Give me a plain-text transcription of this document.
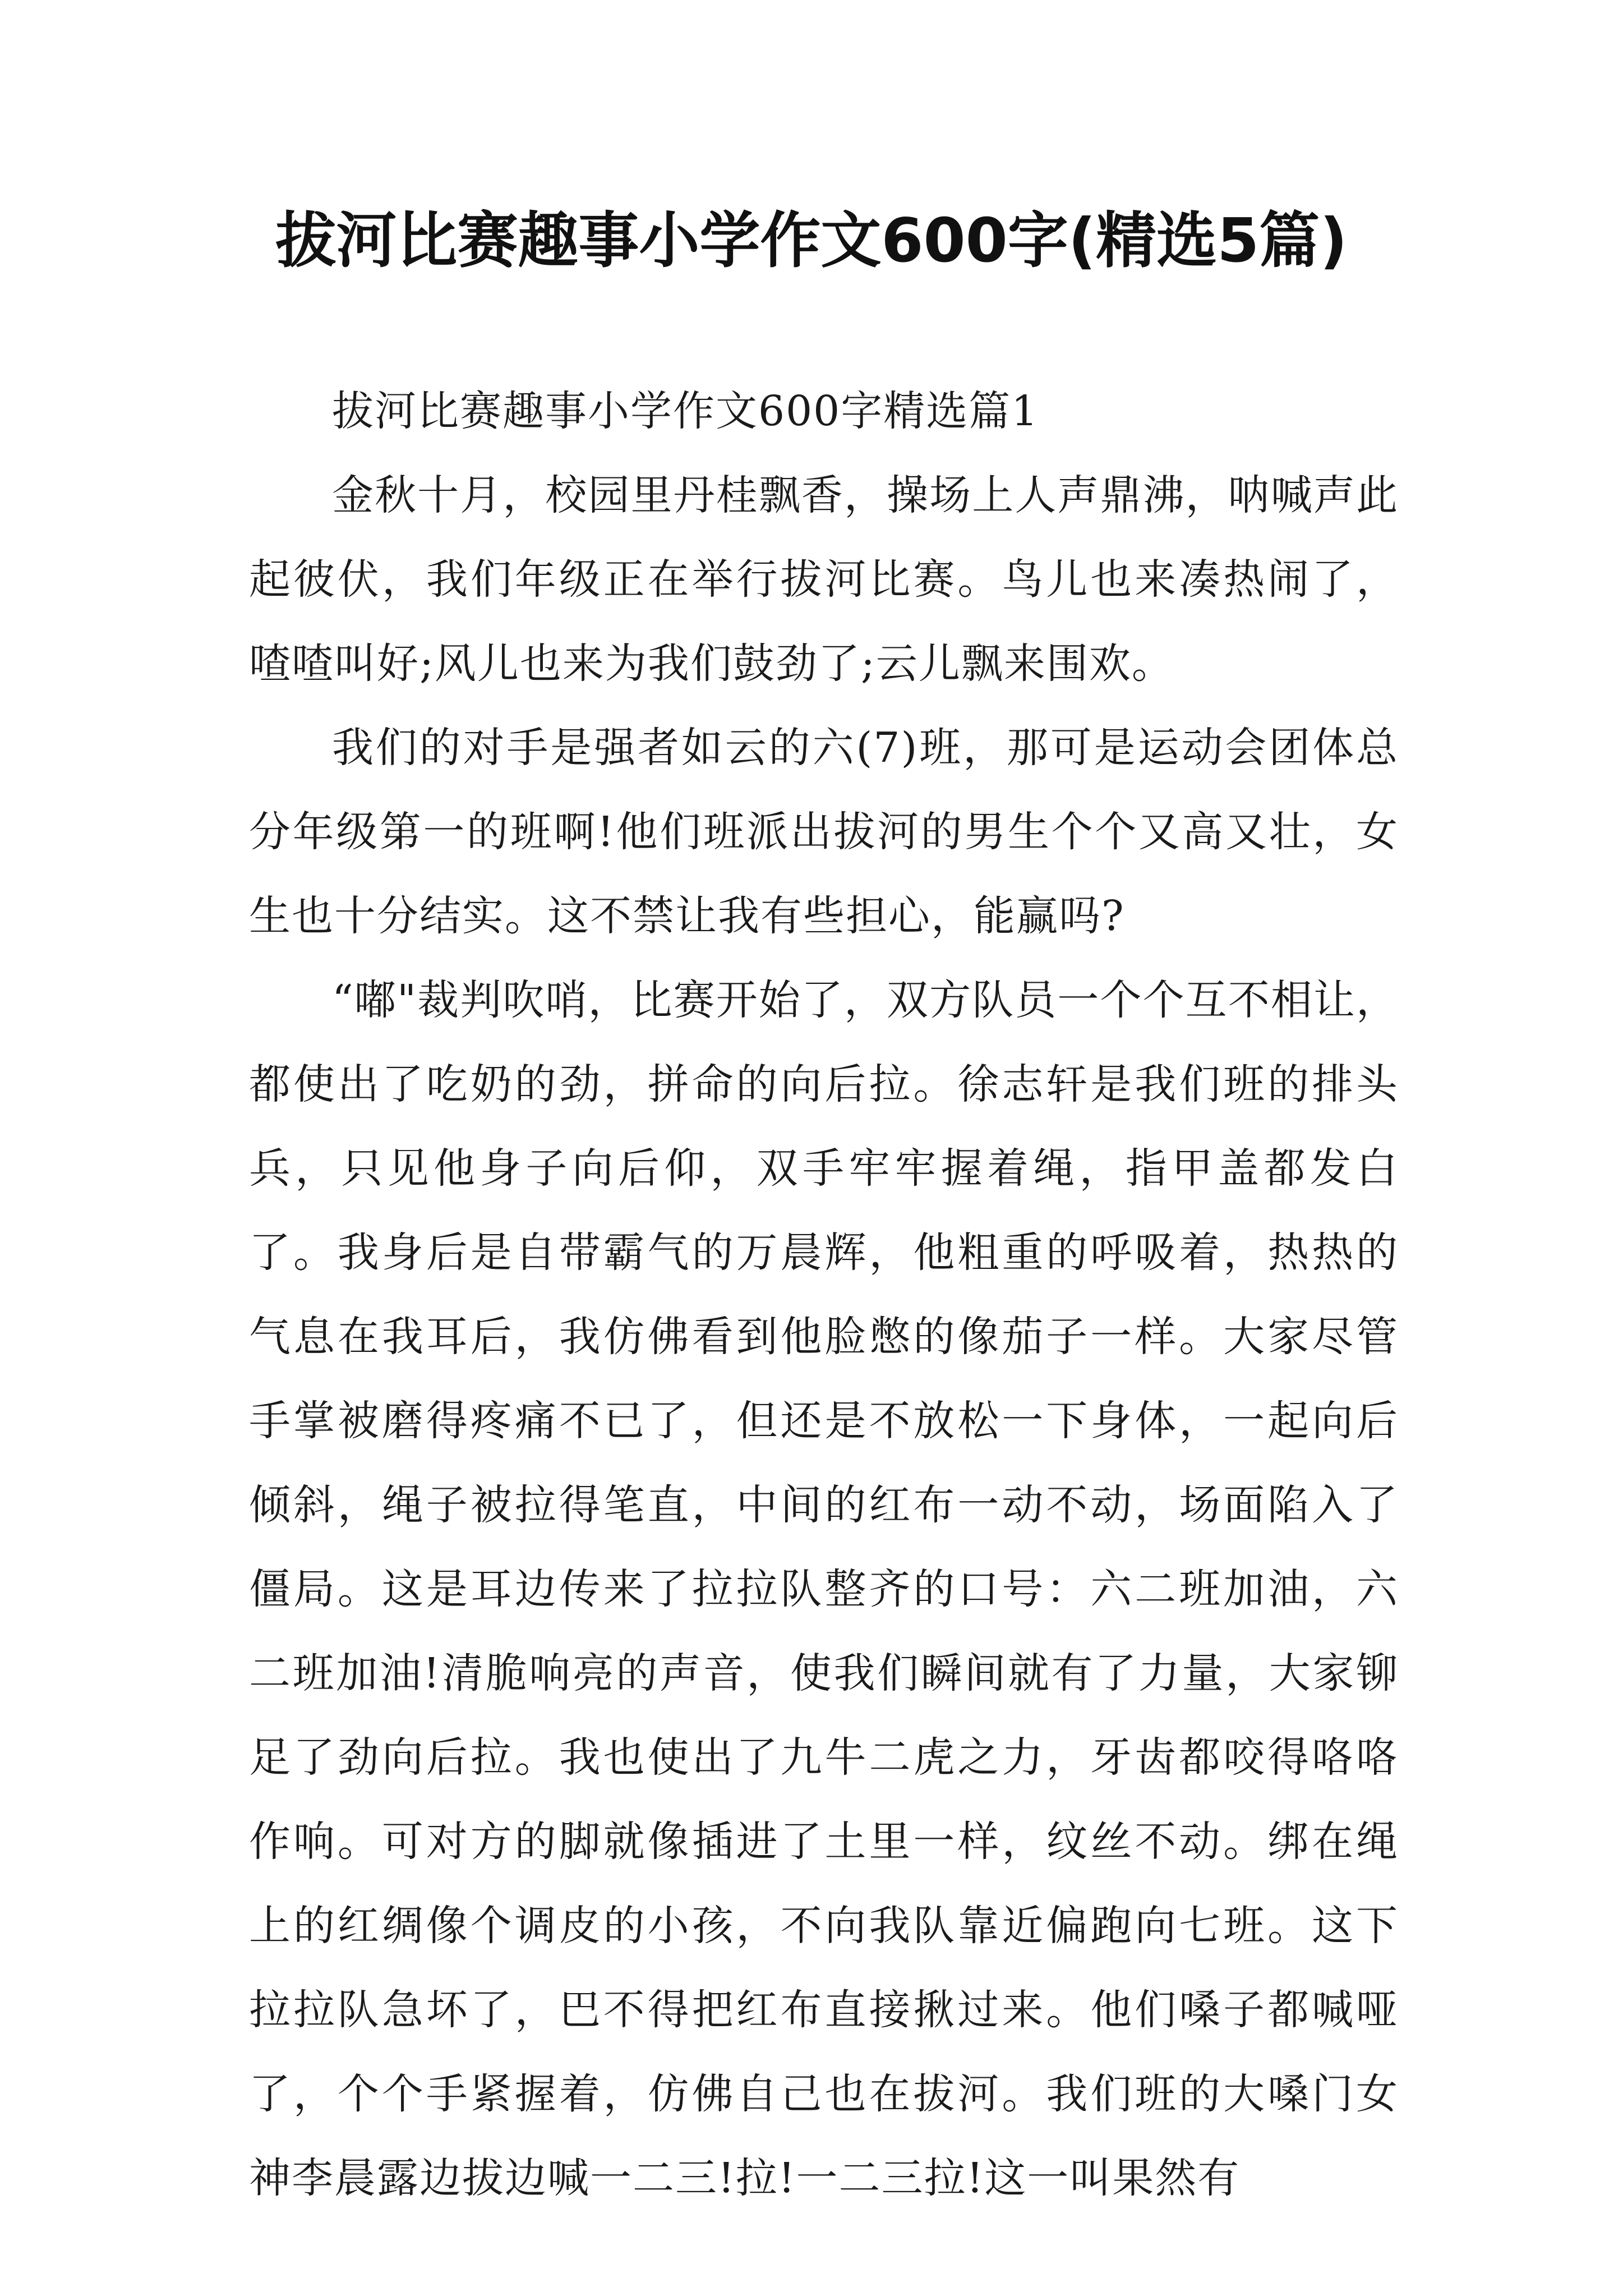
拔河比赛趣事小学作文600字(精选5篇)

拔河比赛趣事小学作文600字精选篇1

金秋十月，校园里丹桂飘香，操场上人声鼎沸，呐喊声此起彼伏，我们年级正在举行拔河比赛。鸟儿也来凑热闹了，喳喳叫好;风儿也来为我们鼓劲了;云儿飘来围欢。

我们的对手是强者如云的六(7)班，那可是运动会团体总分年级第一的班啊!他们班派出拔河的男生个个又高又壮，女生也十分结实。这不禁让我有些担心，能赢吗?

“嘟"裁判吹哨，比赛开始了，双方队员一个个互不相让，都使出了吃奶的劲，拼命的向后拉。徐志轩是我们班的排头兵，只见他身子向后仰，双手牢牢握着绳，指甲盖都发白了。我身后是自带霸气的万晨辉，他粗重的呼吸着，热热的气息在我耳后，我仿佛看到他脸憋的像茄子一样。大家尽管手掌被磨得疼痛不已了，但还是不放松一下身体，一起向后倾斜，绳子被拉得笔直，中间的红布一动不动，场面陷入了僵局。这是耳边传来了拉拉队整齐的口号：六二班加油，六二班加油!清脆响亮的声音，使我们瞬间就有了力量，大家铆足了劲向后拉。我也使出了九牛二虎之力，牙齿都咬得咯咯作响。可对方的脚就像插进了土里一样，纹丝不动。绑在绳上的红绸像个调皮的小孩，不向我队靠近偏跑向七班。这下拉拉队急坏了，巴不得把红布直接揪过来。他们嗓子都喊哑了，个个手紧握着，仿佛自己也在拔河。我们班的大嗓门女神李晨露边拔边喊一二三!拉!一二三拉!这一叫果然有
